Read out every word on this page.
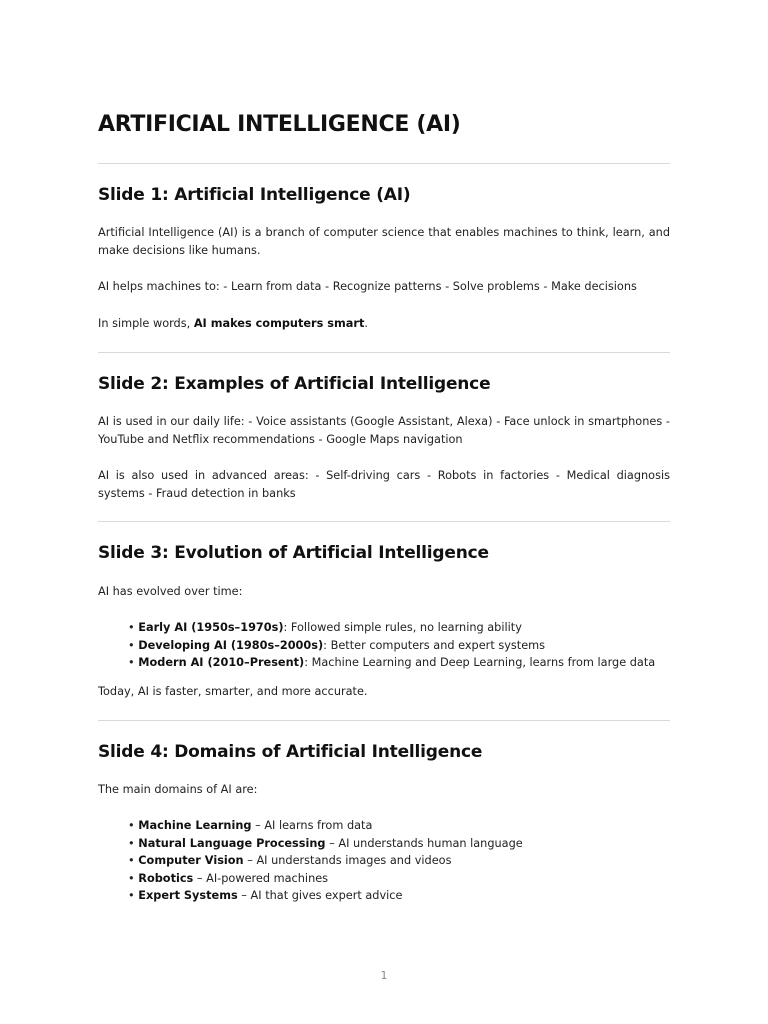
ARTIFICIAL INTELLIGENCE (AI)
Slide 1: Artificial Intelligence (AI)

Artificial Intelligence (AI) is a branch of computer science that enables machines to think, learn, and make decisions like humans.

AI helps machines to: - Learn from data - Recognize patterns - Solve problems - Make decisions

In simple words, AI makes computers smart.

Slide 2: Examples of Artificial Intelligence

AI is used in our daily life: - Voice assistants (Google Assistant, Alexa) - Face unlock in smartphones - YouTube and Netflix recommendations - Google Maps navigation

AI is also used in advanced areas: - Self-driving cars - Robots in factories - Medical diagnosis systems - Fraud detection in banks

Slide 3: Evolution of Artificial Intelligence

AI has evolved over time:

• Early AI (1950s–1970s): Followed simple rules, no learning ability
• Developing AI (1980s–2000s): Better computers and expert systems
• Modern AI (2010–Present): Machine Learning and Deep Learning, learns from large data

Today, AI is faster, smarter, and more accurate.

Slide 4: Domains of Artificial Intelligence

The main domains of AI are:

• Machine Learning – AI learns from data
• Natural Language Processing – AI understands human language
• Computer Vision – AI understands images and videos
• Robotics – AI-powered machines
• Expert Systems – AI that gives expert advice
1
